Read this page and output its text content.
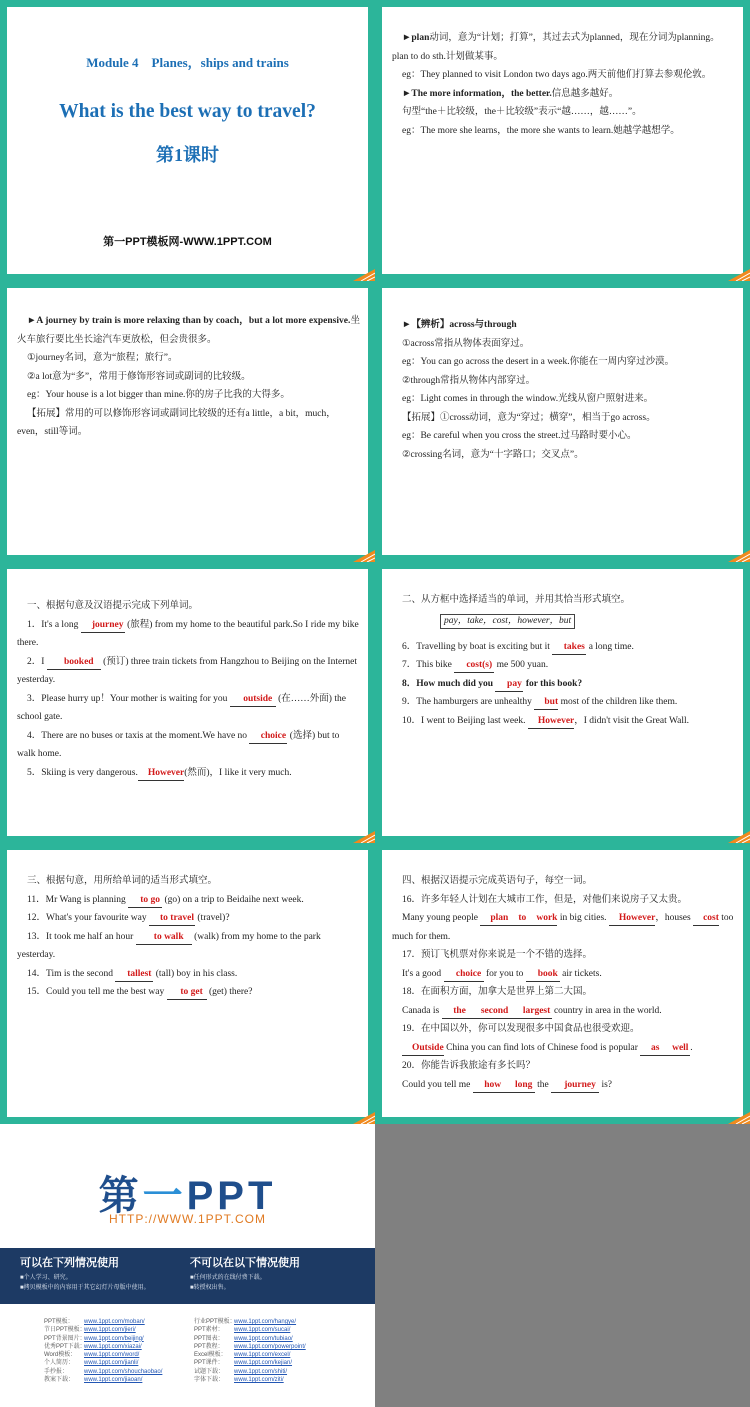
Module 4　Planes，ships and trains
What is the best way to travel?
第1课时
第一PPT模板网-WWW.1PPT.COM

►plan动词，意为“计划；打算”，其过去式为planned，现在分词为planning。plan to do sth.计划做某事。

eg：They planned to visit London two days ago.两天前他们打算去参观伦敦。

►The more information，the better.信息越多越好。

句型“the＋比较级，the＋比较级”表示“越……，越……”。

eg：The more she learns，the more she wants to learn.她越学越想学。

►A journey by train is more relaxing than by coach，but a lot more expensive.坐火车旅行要比坐长途汽车更放松，但会贵很多。

①journey名词，意为“旅程；旅行”。

②a lot意为“多”，常用于修饰形容词或副词的比较级。

eg：Your house is a lot bigger than mine.你的房子比我的大得多。

【拓展】常用的可以修饰形容词或副词比较级的还有a little，a bit，much，even，still等词。

►【辨析】across与through

①across常指从物体表面穿过。

eg：You can go across the desert in a week.你能在一周内穿过沙漠。

②through常指从物体内部穿过。

eg：Light comes in through the window.光线从窗户照射进来。

【拓展】①cross动词，意为“穿过；横穿”，相当于go across。

eg：Be careful when you cross the street.过马路时要小心。

②crossing名词，意为“十字路口；交叉点”。

一、根据句意及汉语提示完成下列单词。

1．It's a long journey (旅程) from my home to the beautiful park.So I ride my bike there.

2．I booked (预订) three train tickets from Hangzhou to Beijing on the Internet yesterday.

3．Please hurry up！Your mother is waiting for you outside (在……外面) the school gate.

4．There are no buses or taxis at the moment.We have no choice (选择) but to walk home.

5．Skiing is very dangerous. However(然而)，I like it very much.

二、从方框中选择适当的单词，并用其恰当形式填空。

pay，take，cost，however，but

6．Travelling by boat is exciting but it takes a long time.

7．This bike cost(s) me 500 yuan.

8．How much did you pay for this book?

9．The hamburgers are unhealthy but most of the children like them.

10．I went to Beijing last week. However，I didn't visit the Great Wall.

三、根据句意，用所给单词的适当形式填空。

11．Mr Wang is planning to go (go) on a trip to Beidaihe next week.

12．What's your favourite way to travel (travel)?

13．It took me half an hour to walk (walk) from my home to the park yesterday.

14．Tim is the second tallest (tall) boy in his class.

15．Could you tell me the best way to get (get) there?

四、根据汉语提示完成英语句子，每空一词。

16．许多年轻人计划在大城市工作，但是，对他们来说房子又太贵。

Many young people plan to work in big cities. However，houses cost too much for them.

17．预订飞机票对你来说是一个不错的选择。

It's a good choice for you to book air tickets.

18．在面积方面，加拿大是世界上第二大国。

Canada is the second largest country in area in the world.

19．在中国以外，你可以发现很多中国食品也很受欢迎。

Outside China you can find lots of Chinese food is popular as well .

20．你能告诉我旅途有多长吗？

Could you tell me how long the journey is?

第一PPT
HTTP://WWW.1PPT.COM
可以在下列情况使用
■个人学习、研究。
■拷贝模板中的内容用于其它幻灯片母版中使用。
不可以在以下情况使用
■任何形式的在线付费下载。
■转授权出售。
PPT模板： www.1ppt.com/moban/
节日PPT模板：www.1ppt.com/jieri/
PPT背景图片：www.1ppt.com/beijing/
优秀PPT下载：www.1ppt.com/xiazai/
Word模板： www.1ppt.com/word/
个人简历： www.1ppt.com/jianli/
手抄报：	www.1ppt.com/shouchaobao/
教案下载： www.1ppt.com/jiaoan/
行业PPT模板：www.1ppt.com/hangye/
PPT素材： www.1ppt.com/sucai/
PPT图表： www.1ppt.com/tubiao/
PPT教程： www.1ppt.com/powerpoint/
Excel模板： www.1ppt.com/excel/
PPT课件： www.1ppt.com/kejian/
试题下载： www.1ppt.com/shiti/
字体下载： www.1ppt.com/ziti/
